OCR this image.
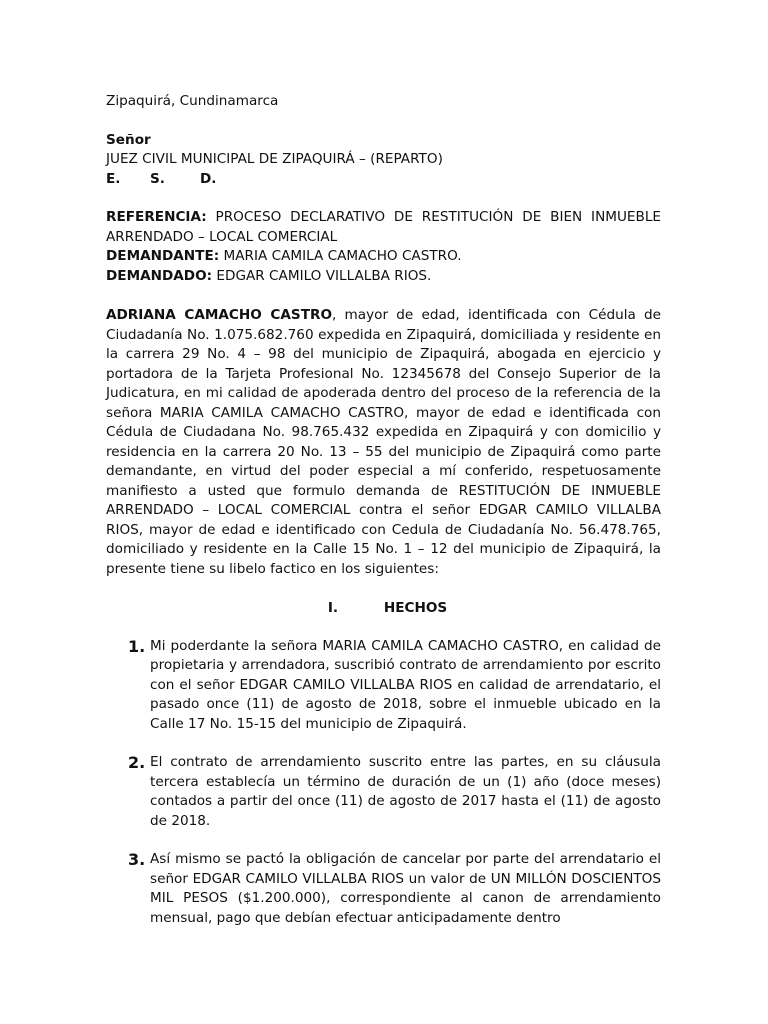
Zipaquirá, Cundinamarca

Señor

JUEZ CIVIL MUNICIPAL DE ZIPAQUIRÁ – (REPARTO)

E.	S.	D.

REFERENCIA: PROCESO DECLARATIVO DE RESTITUCIÓN DE BIEN INMUEBLE ARRENDADO – LOCAL COMERCIAL

DEMANDANTE: MARIA CAMILA CAMACHO CASTRO.

DEMANDADO: EDGAR CAMILO VILLALBA RIOS.

ADRIANA CAMACHO CASTRO, mayor de edad, identificada con Cédula de Ciudadanía No. 1.075.682.760 expedida en Zipaquirá, domiciliada y residente en la carrera 29 No. 4 – 98 del municipio de Zipaquirá, abogada en ejercicio y portadora de la Tarjeta Profesional No. 12345678 del Consejo Superior de la Judicatura, en mi calidad de apoderada dentro del proceso de la referencia de la señora MARIA CAMILA CAMACHO CASTRO, mayor de edad e identificada con Cédula de Ciudadana No. 98.765.432 expedida en Zipaquirá y con domicilio y residencia en la carrera 20 No. 13 – 55 del municipio de Zipaquirá como parte demandante, en virtud del poder especial a mí conferido, respetuosamente manifiesto a usted que formulo demanda de RESTITUCIÓN DE INMUEBLE ARRENDADO – LOCAL COMERCIAL contra el señor EDGAR CAMILO VILLALBA RIOS, mayor de edad e identificado con Cedula de Ciudadanía No. 56.478.765, domiciliado y residente en la Calle 15 No. 1 – 12 del municipio de Zipaquirá, la presente tiene su libelo factico en los siguientes:

I.	HECHOS
1. Mi poderdante la señora MARIA CAMILA CAMACHO CASTRO, en calidad de propietaria y arrendadora, suscribió contrato de arrendamiento por escrito con el señor EDGAR CAMILO VILLALBA RIOS en calidad de arrendatario, el pasado once (11) de agosto de 2018, sobre el inmueble ubicado en la Calle 17 No. 15-15 del municipio de Zipaquirá.
2. El contrato de arrendamiento suscrito entre las partes, en su cláusula tercera establecía un término de duración de un (1) año (doce meses) contados a partir del once (11) de agosto de 2017 hasta el (11) de agosto de 2018.
3. Así mismo se pactó la obligación de cancelar por parte del arrendatario el señor EDGAR CAMILO VILLALBA RIOS un valor de UN MILLÓN DOSCIENTOS MIL PESOS ($1.200.000), correspondiente al canon de arrendamiento mensual, pago que debían efectuar anticipadamente dentro
